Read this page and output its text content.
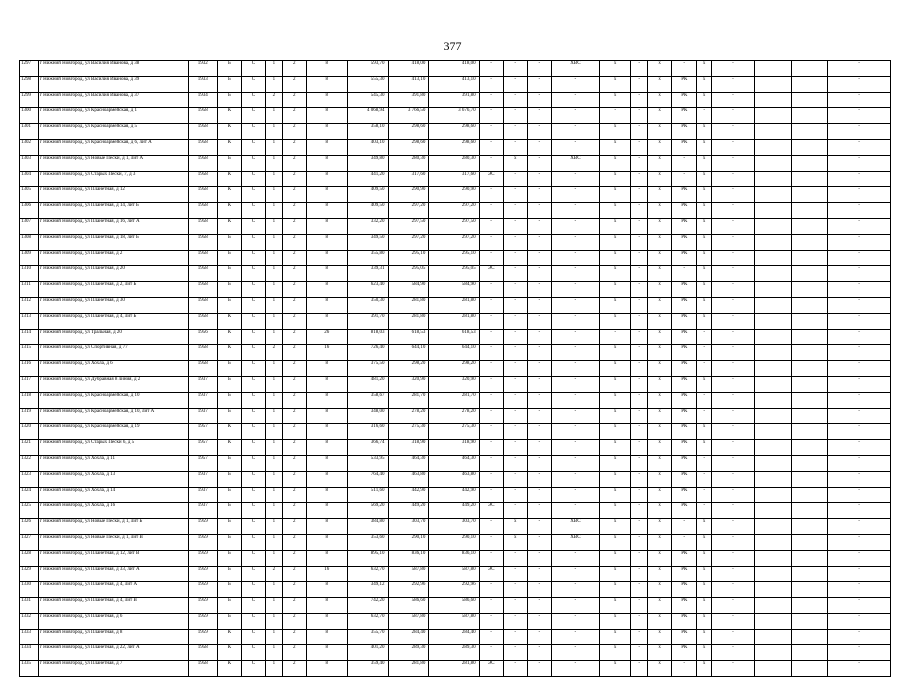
377
1297	г Нижний Новгород, ул Василия Иванова, д 38	1932	Б	С	1	2	8	593,70	418,00	418,00	-	-	-	ХВС	х	-	х	-	х	-			-
1298	г Нижний Новгород, ул Василия Иванова, д 39	1933	Б	С	1	2	8	555,30	413,10	413,10	-	-	-	-	х	-	х	РК	х	-			-
1299	г Нижний Новгород, ул Василия Иванова, д 37	1934	Б	С	2	2	8	545,30	391,80	391,80	-	-	-	-	х	-	х	РК	х	-			-
1300	г Нижний Новгород, ул Красноармейская, д 1	1958	К	С	1	2	8	4 068,94	3 766,50	3 676,70	-	-	-	-	-	-	х	РК	-	-			-
1301	г Нижний Новгород, ул Красноармейская, д 5	1958	К	С	1	2	8	358,10	298,60	298,60	-	-	-	-	х	-	х	РК	х	-			-
1302	г Нижний Новгород, ул Красноармейская, д 6, лит А	1958	К	С	1	2	8	403,10	298,60	298,60	-	-	-	-	х	-	х	РК	х	-			-
1303	г Нижний Новгород, ул Новые Пески, д 1, лит А	1958	Б	С	1	2	8	349,80	280,30	280,30	-	х	-	ХВС	х	-	х	-	х	-			-
1304	г Нижний Новгород, ул Старых Пески, 7, д 3	1958	К	С	1	2	8	441,20	317,60	317,60	ЭС	-	-	-	х	-	х	-	х	-			-
1305	г Нижний Новгород, ул Планетная, д 12	1958	К	С	1	2	8	409,50	290,90	290,90	-	-	-	-	х	-	х	РК	х	-			-
1306	г Нижний Новгород, ул Планетная, д 14, лит Б	1958	К	С	1	2	8	409,50	297,20	297,20	-	-	-	-	х	-	х	РК	х	-			-
1307	г Нижний Новгород, ул Планетная, д 16, лит А	1958	К	С	1	2	8	332,20	297,50	297,50	-	-	-	-	х	-	х	РК	х	-			-
1308	г Нижний Новгород, ул Планетная, д 18, лит Б	1958	Б	С	1	2	8	349,50	297,20	297,20	-	-	-	-	х	-	х	РК	х	-			-
1309	г Нижний Новгород, ул Планетная, д 2	1958	Б	С	1	2	8	355,80	295,10	295,10	-	-	-	-	х	-	х	РК	х	-			-
1310	г Нижний Новгород, ул Планетная, д 20	1958	Б	С	1	2	8	339,31	295,05	295,05	ЭС	-	-	-	х	-	х	-	х	-			-
1311	г Нижний Новгород, ул Планетная, д 2, лит Б	1958	Б	С	1	2	8	623,40	584,90	584,90	-	-	-	-	х	-	х	РК	х	-			-
1312	г Нижний Новгород, ул Планетная, д 30	1958	Б	С	1	2	8	350,30	281,80	281,80	-	-	-	-	х	-	х	РК	х	-			-
1313	г Нижний Новгород, ул Планетная, д 4, лит Б	1958	К	С	1	2	8	391,70	281,80	281,80	-	-	-	-	х	-	х	РК	х	-			-
1314	г Нижний Новгород, ул Тральная, д 20	1956	К	С	1	2	26	818,03	618,53	618,53	-	-	-	-	-	-	х	РК	-	-			-
1315	г Нижний Новгород, ул Спортивная, д 77	1958	К	С	2	2	16	726,40	644,10	644,10	-	-	-	-	х	-	х	РК	-	-			-
1316	г Нижний Новгород, ул Хохла, д 6	1958	Б	С	1	2	8	375,50	298,20	298,20	-	-	-	-	х	-	х	РК	-	-			-
1317	г Нижний Новгород, ул Дубравная 8 линия, д 2	1937	Б	С	1	2	8	481,20	320,90	320,90	-	-	-	-	х	-	х	РК	х	-			-
1318	г Нижний Новгород, ул Красноармейская, д 10	1937	Б	С	1	2	8	358,67	281,70	281,70	-	-	-	-	х	-	х	РК	-	-			-
1319	г Нижний Новгород, ул Красноармейская, д 10, лит А	1937	Б	С	1	2	8	348,00	278,20	278,20	-	-	-	-	х	-	х	РК	-	-			-
1320	г Нижний Новгород, ул Красноармейская, д 19	1957	К	С	1	2	8	316,60	275,30	275,30	-	-	-	-	х	-	х	РК	х	-			-
1321	г Нижний Новгород, ул Старых Пески 6, д 5	1957	К	С	1	2	8	366,74	318,90	318,90	-	-	-	-	х	-	х	РК	х	-			-
1322	г Нижний Новгород, ул Хохла, д 11	1957	Б	С	1	2	8	533,95	464,30	464,30	-	-	-	-	х	-	х	РК	-	-			-
1323	г Нижний Новгород, ул Хохла, д 13	1937	Б	С	1	2	8	764,40	463,80	463,80	-	-	-	-	х	-	х	РК	-	-			-
1324	г Нижний Новгород, ул Хохла, д 14	1937	Б	С	1	2	8	511,60	442,90	442,90	-	-	-	-	х	-	х	РК	-	-			-
1325	г Нижний Новгород, ул Хохла, д 16	1937	Б	С	1	2	8	569,20	449,20	449,20	ЭС	-	-	-	х	-	х	РК	-	-			-
1326	г Нижний Новгород, ул Новые Пески, д 1, лит Б	1959	Б	С	1	2	8	384,80	303,70	303,70	-	х	-	ХВС	х	-	х	-	х	-			-
1327	г Нижний Новгород, ул Новые Пески, д 1, лит В	1959	Б	С	1	2	8	353,60	290,10	290,10	-	х	-	ХВС	х	-	х	-	х	-			-
1328	г Нижний Новгород, ул Планетная, д 12, лит В	1959	Б	С	1	2	8	895,10	836,10	836,10	-	-	-	-	х	-	х	РК	х	-			-
1329	г Нижний Новгород, ул Планетная, д 33, лит А	1959	Б	С	2	2	16	632,70	587,80	587,80	ЭС	-	-	-	х	-	х	РК	х	-			-
1330	г Нижний Новгород, ул Планетная, д 4, лит А	1959	Б	С	1	2	8	349,12	292,96	292,96	-	-	-	-	х	-	х	РК	х	-			-
1331	г Нижний Новгород, ул Планетная, д 4, лит В	1959	Б	С	1	2	8	742,20	586,60	586,60	-	-	-	-	х	-	х	РК	х	-			-
1332	г Нижний Новгород, ул Планетная, д 6	1959	Б	С	1	2	8	632,70	587,80	587,80	-	-	-	-	х	-	х	РК	х	-			-
1333	г Нижний Новгород, ул Планетная, д 8	1959	К	С	1	2	8	355,70	284,40	284,40	-	-	-	-	х	-	х	РК	х	-			-
1334	г Нижний Новгород, ул Планетная, д 22, лит А	1958	К	С	1	2	8	401,20	289,30	289,30	-	-	-	-	х	-	х	РК	х	-			-
1335	г Нижний Новгород, ул Планетная, д 7	1958	К	С	1	2	8	359,40	281,80	281,80	ЭС	-	-	-	х	-	х	-	х	-			-
